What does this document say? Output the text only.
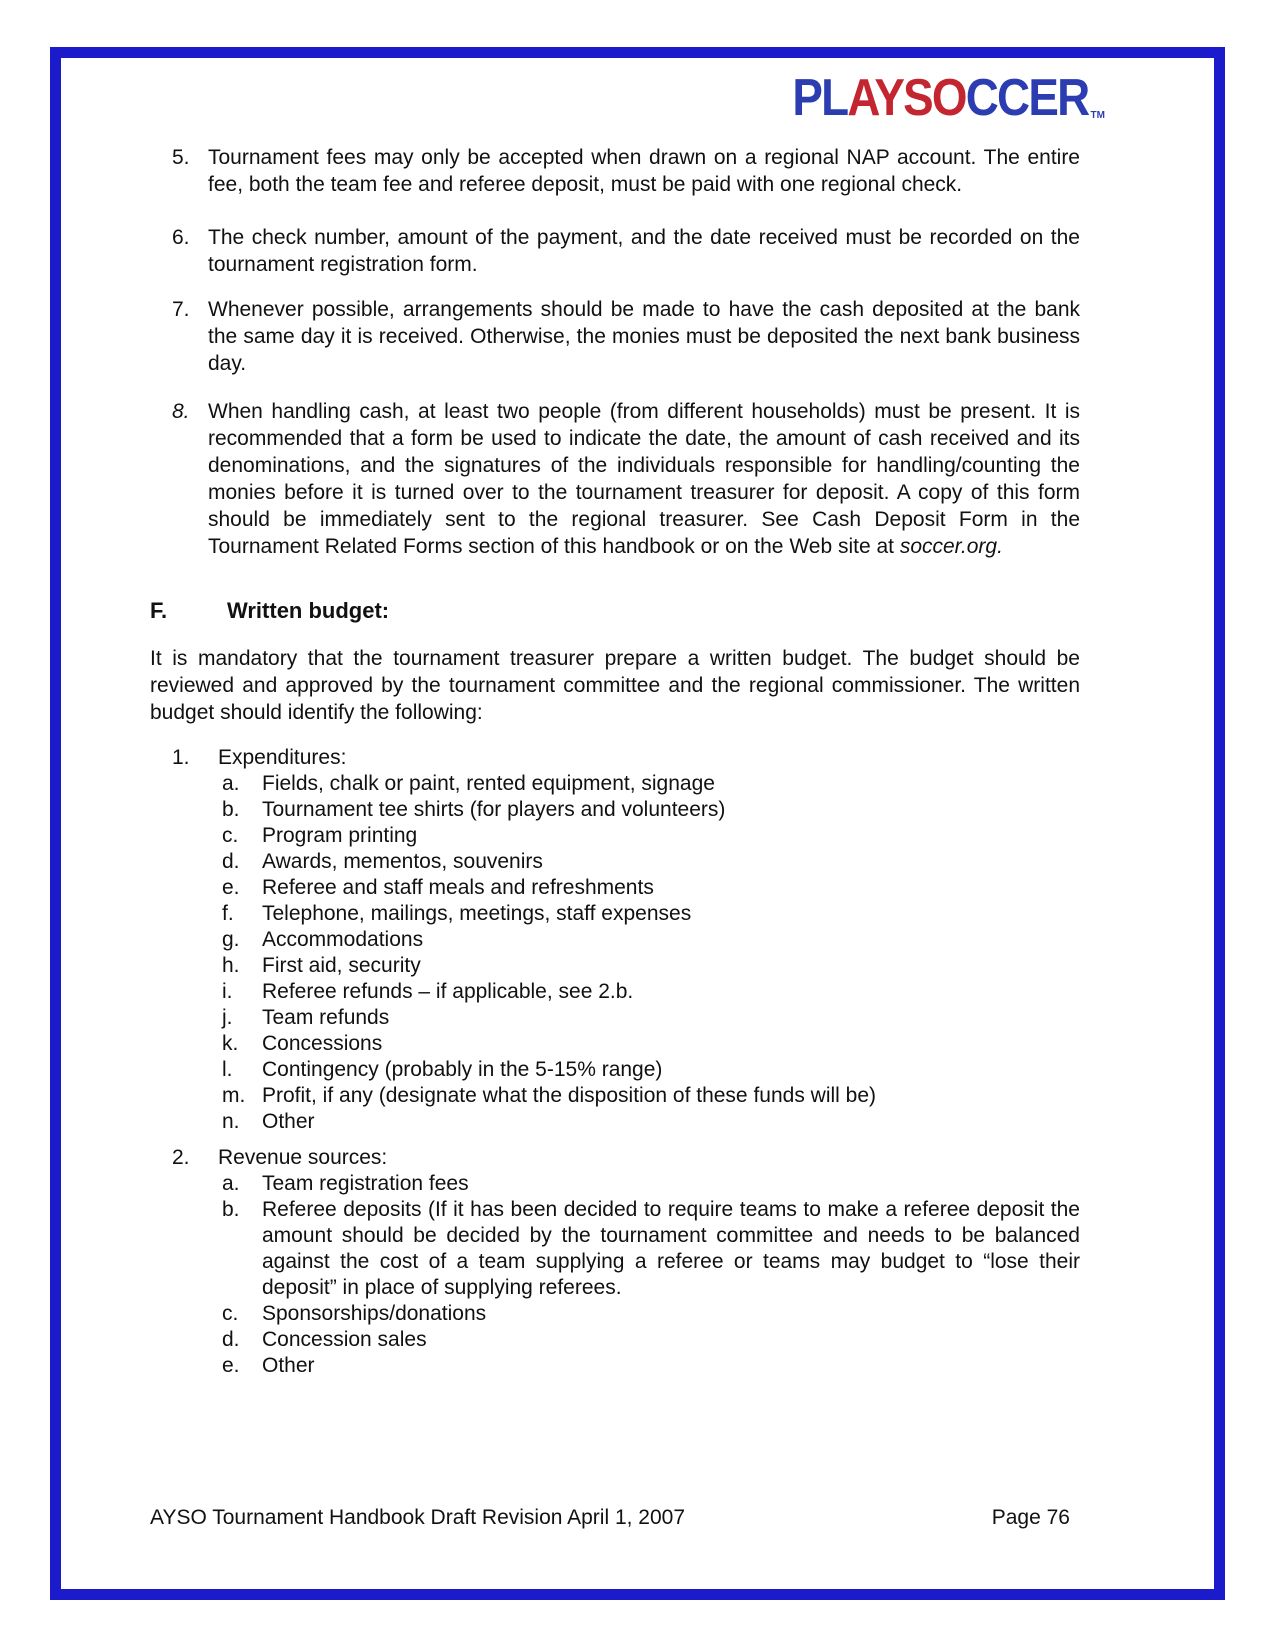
PLAYSOCCER TM
5. Tournament fees may only be accepted when drawn on a regional NAP account. The entire fee, both the team fee and referee deposit, must be paid with one regional check.
6. The check number, amount of the payment, and the date received must be recorded on the tournament registration form.
7. Whenever possible, arrangements should be made to have the cash deposited at the bank the same day it is received. Otherwise, the monies must be deposited the next bank business day.
8. When handling cash, at least two people (from different households) must be present. It is recommended that a form be used to indicate the date, the amount of cash received and its denominations, and the signatures of the individuals responsible for handling/counting the monies before it is turned over to the tournament treasurer for deposit. A copy of this form should be immediately sent to the regional treasurer. See Cash Deposit Form in the Tournament Related Forms section of this handbook or on the Web site at soccer.org.
F.	Written budget:
It is mandatory that the tournament treasurer prepare a written budget. The budget should be reviewed and approved by the tournament committee and the regional commissioner. The written budget should identify the following:
1.	Expenditures:
a.	Fields, chalk or paint, rented equipment, signage
b.	Tournament tee shirts (for players and volunteers)
c.	Program printing
d.	Awards, mementos, souvenirs
e.	Referee and staff meals and refreshments
f.	Telephone, mailings, meetings, staff expenses
g.	Accommodations
h.	First aid, security
i.	Referee refunds – if applicable, see 2.b.
j.	Team refunds
k.	Concessions
l.	Contingency (probably in the 5-15% range)
m. Profit, if any (designate what the disposition of these funds will be)
n.	Other
2.	Revenue sources:
a.	Team registration fees
b.	Referee deposits (If it has been decided to require teams to make a referee deposit the amount should be decided by the tournament committee and needs to be balanced against the cost of a team supplying a referee or teams may budget to “lose their deposit” in place of supplying referees.
c.	Sponsorships/donations
d.	Concession sales
e.	Other
AYSO Tournament Handbook Draft Revision April 1, 2007	Page 76
